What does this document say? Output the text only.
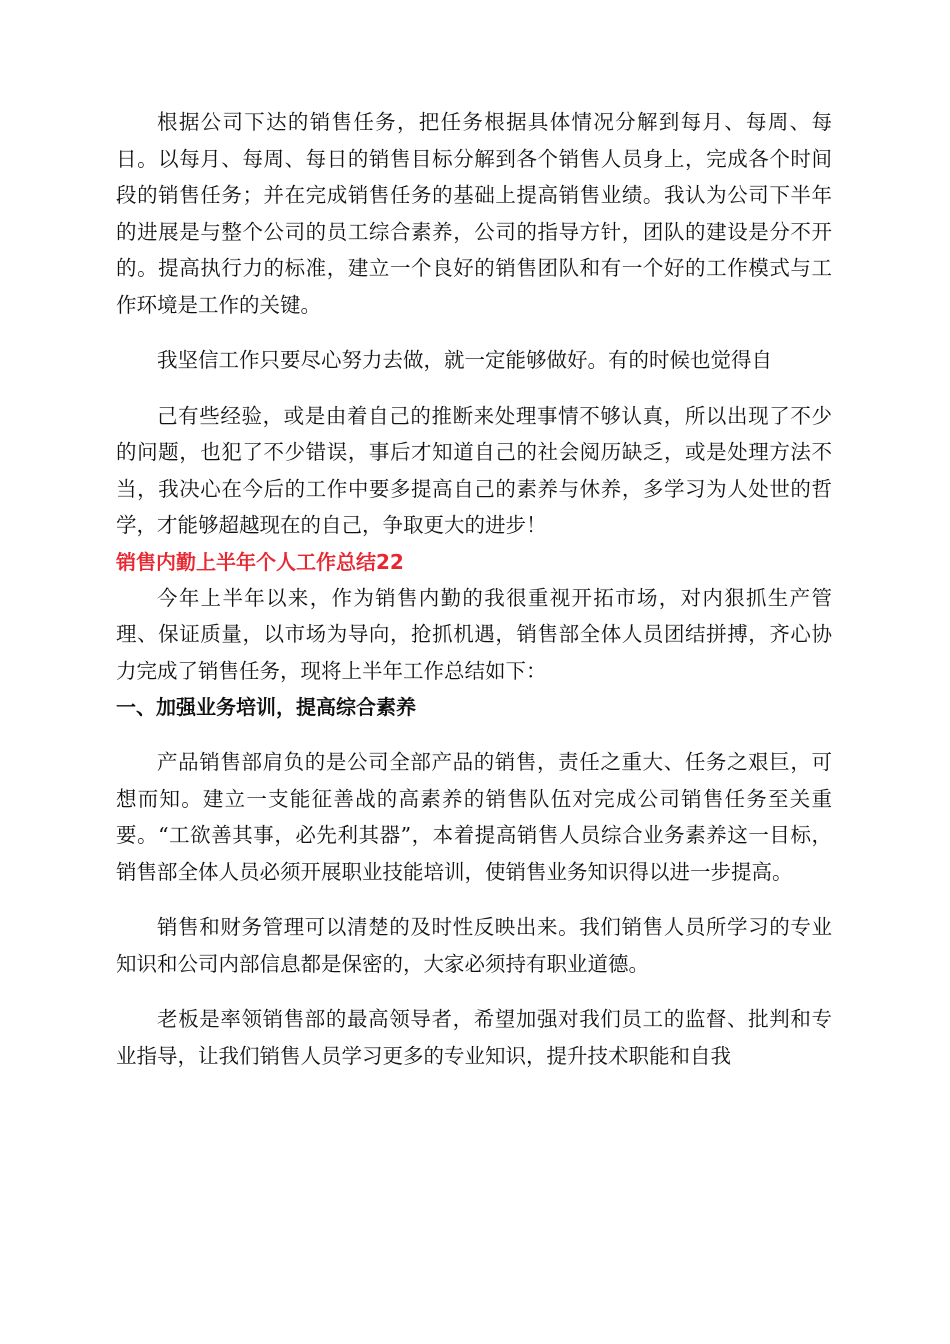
根据公司下达的销售任务，把任务根据具体情况分解到每月、每周、每日。以每月、每周、每日的销售目标分解到各个销售人员身上，完成各个时间段的销售任务；并在完成销售任务的基础上提高销售业绩。我认为公司下半年的进展是与整个公司的员工综合素养，公司的指导方针，团队的建设是分不开的。提高执行力的标准，建立一个良好的销售团队和有一个好的工作模式与工作环境是工作的关键。

我坚信工作只要尽心努力去做，就一定能够做好。有的时候也觉得自

己有些经验，或是由着自己的推断来处理事情不够认真，所以出现了不少的问题，也犯了不少错误，事后才知道自己的社会阅历缺乏，或是处理方法不当，我决心在今后的工作中要多提高自己的素养与休养，多学习为人处世的哲学，才能够超越现在的自己，争取更大的进步！

销售内勤上半年个人工作总结22

今年上半年以来，作为销售内勤的我很重视开拓市场，对内狠抓生产管理、保证质量，以市场为导向，抢抓机遇，销售部全体人员团结拼搏，齐心协力完成了销售任务，现将上半年工作总结如下：

一、加强业务培训，提高综合素养

产品销售部肩负的是公司全部产品的销售，责任之重大、任务之艰巨，可想而知。建立一支能征善战的高素养的销售队伍对完成公司销售任务至关重要。“工欲善其事，必先利其器”，本着提高销售人员综合业务素养这一目标，销售部全体人员必须开展职业技能培训，使销售业务知识得以进一步提高。

销售和财务管理可以清楚的及时性反映出来。我们销售人员所学习的专业知识和公司内部信息都是保密的，大家必须持有职业道德。

老板是率领销售部的最高领导者，希望加强对我们员工的监督、批判和专业指导，让我们销售人员学习更多的专业知识，提升技术职能和自我
